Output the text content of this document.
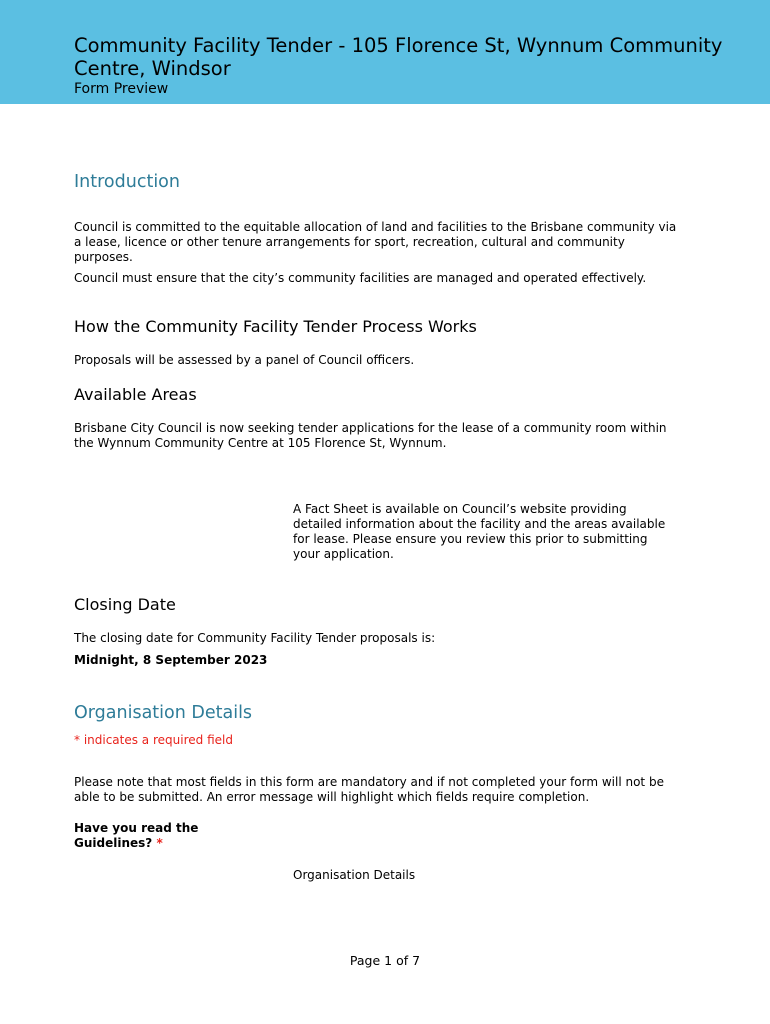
Community Facility Tender - 105 Florence St, Wynnum Community Centre, Windsor

Form Preview

Introduction

Council is committed to the equitable allocation of land and facilities to the Brisbane community via a lease, licence or other tenure arrangements for sport, recreation, cultural and community purposes.

Council must ensure that the city’s community facilities are managed and operated effectively.

How the Community Facility Tender Process Works

Proposals will be assessed by a panel of Council officers.

Available Areas

Brisbane City Council is now seeking tender applications for the lease of a community room within the Wynnum Community Centre at 105 Florence St, Wynnum.

A Fact Sheet is available on Council’s website providing detailed information about the facility and the areas available for lease. Please ensure you review this prior to submitting your application.

Closing Date

The closing date for Community Facility Tender proposals is:

Midnight, 8 September 2023

Organisation Details

* indicates a required field

Please note that most fields in this form are mandatory and if not completed your form will not be able to be submitted. An error message will highlight which fields require completion.

Have you read the Guidelines? *

Organisation Details

Page 1 of 7
